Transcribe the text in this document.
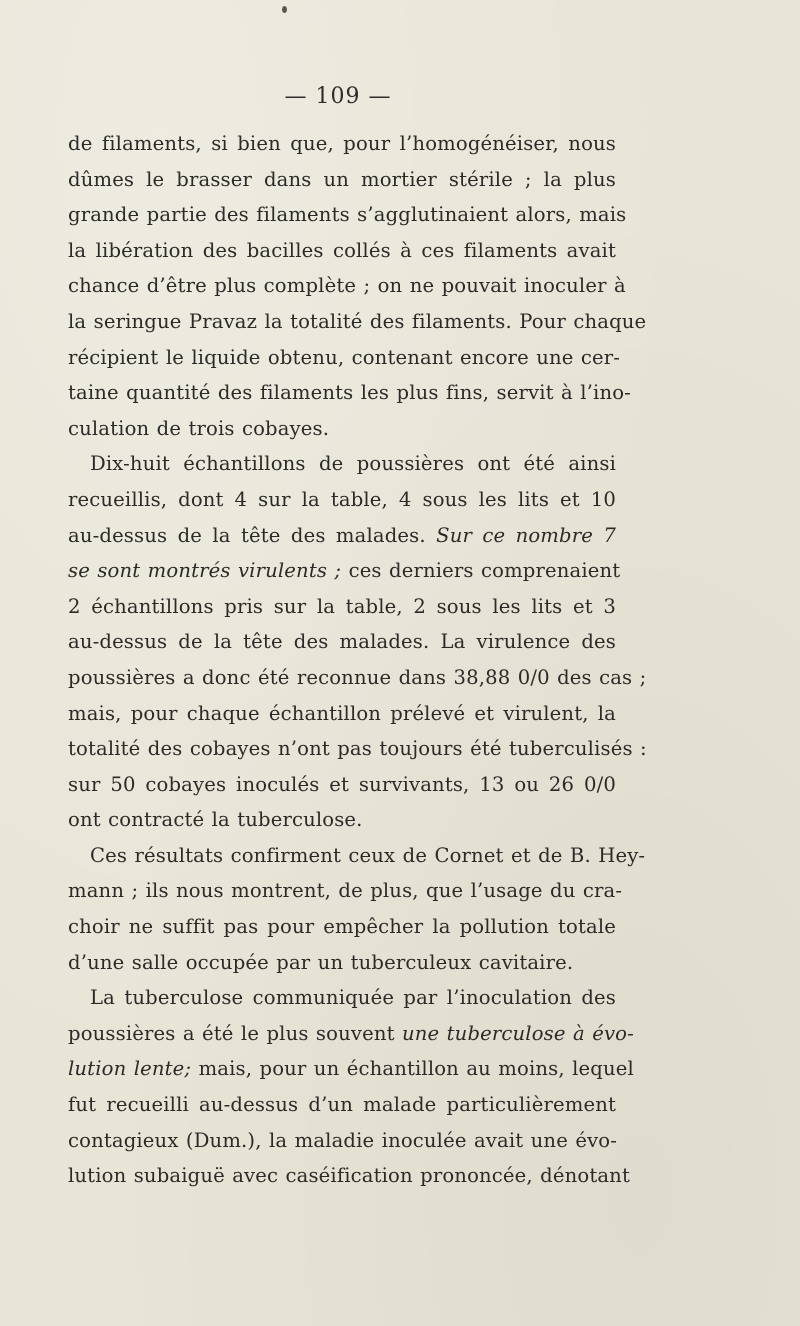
— 109 —
de filaments, si bien que, pour l’homogénéiser, nous
dûmes le brasser dans un mortier stérile ; la plus
grande partie des filaments s’agglutinaient alors, mais
la libération des bacilles collés à ces filaments avait
chance d’être plus complète ; on ne pouvait inoculer à
la seringue Pravaz la totalité des filaments. Pour chaque
récipient le liquide obtenu, contenant encore une cer-
taine quantité des filaments les plus fins, servit à l’ino-
culation de trois cobayes.
Dix-huit échantillons de poussières ont été ainsi
recueillis, dont 4 sur la table, 4 sous les lits et 10
au-dessus de la tête des malades. Sur ce nombre 7
se sont montrés virulents ; ces derniers comprenaient
2 échantillons pris sur la table, 2 sous les lits et 3
au-dessus de la tête des malades. La virulence des
poussières a donc été reconnue dans 38,88 0/0 des cas ;
mais, pour chaque échantillon prélevé et virulent, la
totalité des cobayes n’ont pas toujours été tuberculisés :
sur 50 cobayes inoculés et survivants, 13 ou 26 0/0
ont contracté la tuberculose.
Ces résultats confirment ceux de Cornet et de B. Hey-
mann ; ils nous montrent, de plus, que l’usage du cra-
choir ne suffit pas pour empêcher la pollution totale
d’une salle occupée par un tuberculeux cavitaire.
La tuberculose communiquée par l’inoculation des
poussières a été le plus souvent une tuberculose à évo-
lution lente; mais, pour un échantillon au moins, lequel
fut recueilli au-dessus d’un malade particulièrement
contagieux (Dum.), la maladie inoculée avait une évo-
lution subaiguë avec caséification prononcée, dénotant
